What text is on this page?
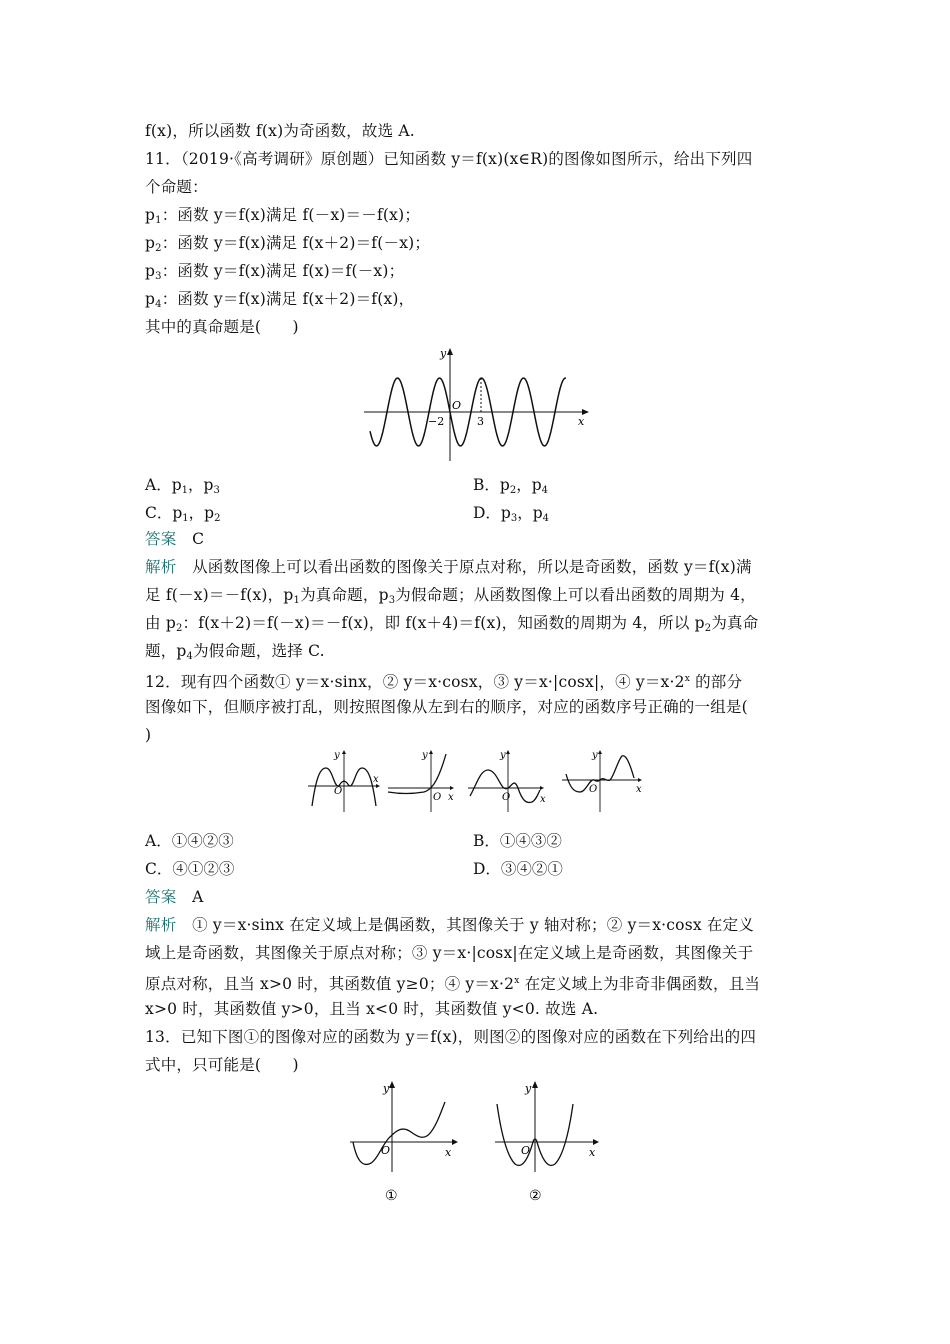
f(x)，所以函数 f(x)为奇函数，故选 A.
11．（2019·《高考调研》原创题）已知函数 y＝f(x)(x∈R)的图像如图所示，给出下列四
个命题：
$p_1$：函数 y＝f(x)满足 f(－x)＝－f(x)；
$p_2$：函数 y＝f(x)满足 f(x＋2)＝f(－x)；
$p_3$：函数 y＝f(x)满足 f(x)＝f(－x)；
$p_4$：函数 y＝f(x)满足 f(x＋2)＝f(x)，
其中的真命题是(　　)
y
x
O
−2	3
A．$p_1$，$p_3$	B．$p_2$，$p_4$
C．$p_1$，$p_2$	D．$p_3$，$p_4$
答案　 C
解析　 从函数图像上可以看出函数的图像关于原点对称，所以是奇函数，函数 y＝f(x)满
足 f(－x)＝－f(x)，$p_1$为真命题，$p_3$为假命题；从函数图像上可以看出函数的周期为 4，
由 $p_2$：f(x＋2)＝f(－x)＝－f(x)，即 f(x＋4)＝f(x)，知函数的周期为 4，所以 $p_2$为真命
题，$p_4$为假命题，选择 C.
12．现有四个函数① y＝x·sinx，② y＝x·cosx，③ y＝x·|cosx|，④ $y=x\cdot 2^x$ 的部分
图像如下，但顺序被打乱，则按照图像从左到右的顺序，对应的函数序号正确的一组是(
)
y
x
O
y
x
O
y
x
O
y
x
O
A．①④②③	B．①④③②
C．④①②③	D．③④②①
答案　 A
解析　 ① y＝x·sinx 在定义域上是偶函数，其图像关于 y 轴对称；② y＝x·cosx 在定义
域上是奇函数，其图像关于原点对称；③ y＝x·|cosx|在定义域上是奇函数，其图像关于
原点对称，且当 x>0 时，其函数值 y≥0；④ $y=x\cdot 2^x$ 在定义域上为非奇非偶函数，且当
x>0 时，其函数值 y>0，且当 x<0 时，其函数值 y<0. 故选 A.
13．已知下图①的图像对应的函数为 y＝f(x)，则图②的图像对应的函数在下列给出的四
式中，只可能是(　　)
y
x
O
①
y
x
O
②
